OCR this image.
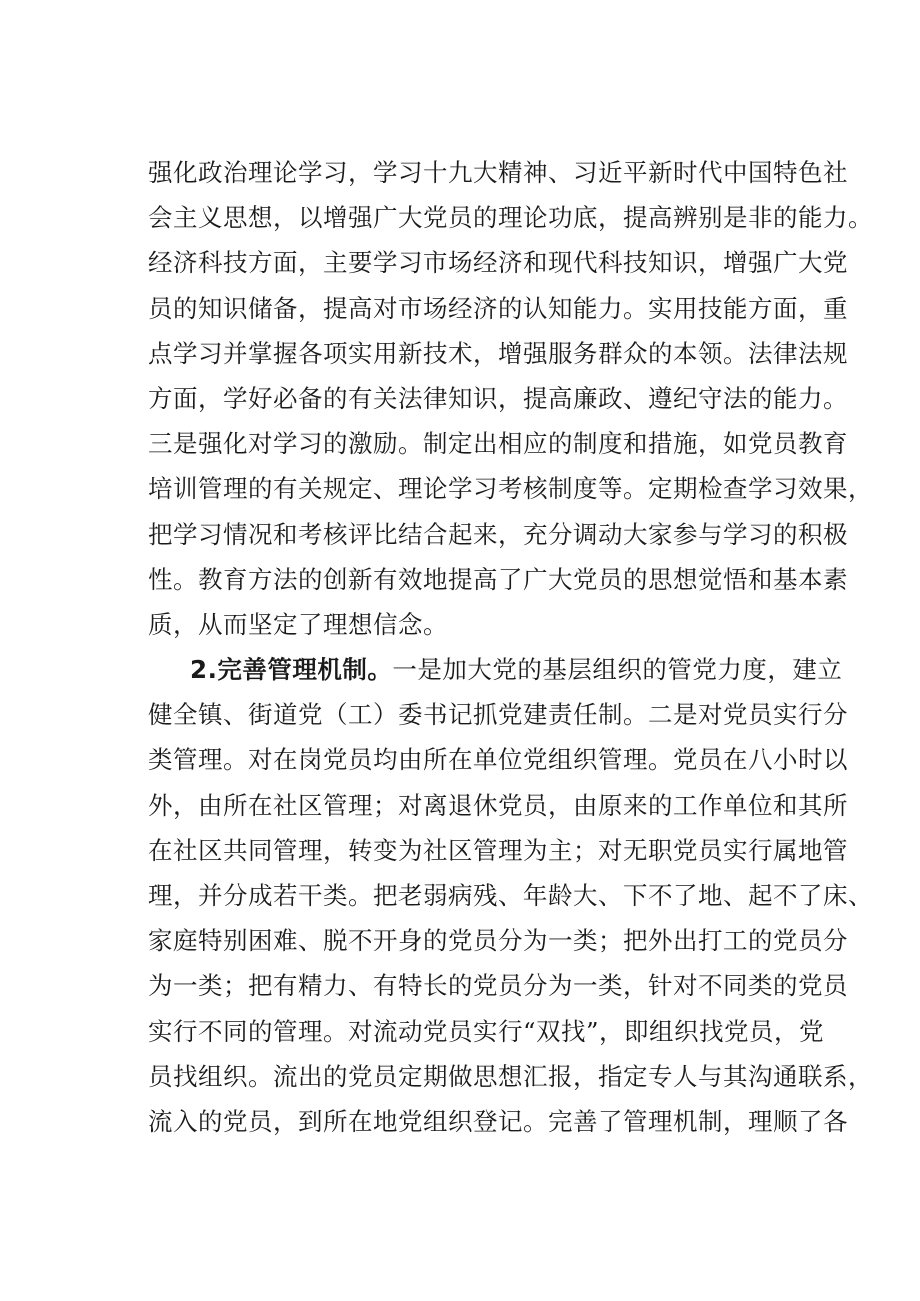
强化政治理论学习，学习十九大精神、习近平新时代中国特色社
会主义思想，以增强广大党员的理论功底，提高辨别是非的能力。
经济科技方面，主要学习市场经济和现代科技知识，增强广大党
员的知识储备，提高对市场经济的认知能力。实用技能方面，重
点学习并掌握各项实用新技术，增强服务群众的本领。法律法规
方面，学好必备的有关法律知识，提高廉政、遵纪守法的能力。
三是强化对学习的激励。制定出相应的制度和措施，如党员教育
培训管理的有关规定、理论学习考核制度等。定期检查学习效果，
把学习情况和考核评比结合起来，充分调动大家参与学习的积极
性。教育方法的创新有效地提高了广大党员的思想觉悟和基本素
质，从而坚定了理想信念。
2.完善管理机制。一是加大党的基层组织的管党力度，建立
健全镇、街道党（工）委书记抓党建责任制。二是对党员实行分
类管理。对在岗党员均由所在单位党组织管理。党员在八小时以
外，由所在社区管理；对离退休党员，由原来的工作单位和其所
在社区共同管理，转变为社区管理为主；对无职党员实行属地管
理，并分成若干类。把老弱病残、年龄大、下不了地、起不了床、
家庭特别困难、脱不开身的党员分为一类；把外出打工的党员分
为一类；把有精力、有特长的党员分为一类，针对不同类的党员
实行不同的管理。对流动党员实行“双找”，即组织找党员，党
员找组织。流出的党员定期做思想汇报，指定专人与其沟通联系，
流入的党员，到所在地党组织登记。完善了管理机制，理顺了各
